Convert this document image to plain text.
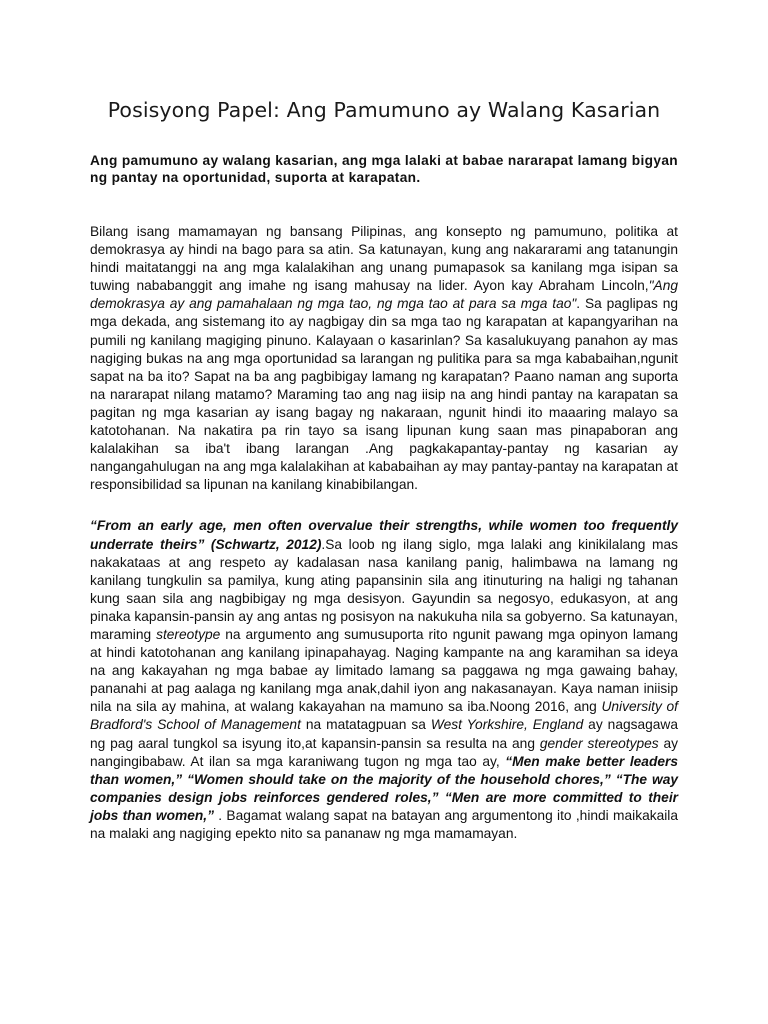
Posisyong Papel: Ang Pamumuno ay Walang Kasarian

Ang pamumuno ay walang kasarian, ang mga lalaki at babae nararapat lamang bigyan ng pantay na oportunidad, suporta at karapatan.

Bilang isang mamamayan ng bansang Pilipinas, ang konsepto ng pamumuno, politika at demokrasya ay hindi na bago para sa atin. Sa katunayan, kung ang nakararami ang tatanungin hindi maitatanggi na ang mga kalalakihan ang unang pumapasok sa kanilang mga isipan sa tuwing nababanggit ang imahe ng isang mahusay na lider. Ayon kay Abraham Lincoln,"Ang demokrasya ay ang pamahalaan ng mga tao, ng mga tao at para sa mga tao". Sa paglipas ng mga dekada, ang sistemang ito ay nagbigay din sa mga tao ng karapatan at kapangyarihan na pumili ng kanilang magiging pinuno. Kalayaan o kasarinlan? Sa kasalukuyang panahon ay mas nagiging bukas na ang mga oportunidad sa larangan ng pulitika para sa mga kababaihan,ngunit sapat na ba ito? Sapat na ba ang pagbibigay lamang ng karapatan? Paano naman ang suporta na nararapat nilang matamo? Maraming tao ang nag iisip na ang hindi pantay na karapatan sa pagitan ng mga kasarian ay isang bagay ng nakaraan, ngunit hindi ito maaaring malayo sa katotohanan. Na nakatira pa rin tayo sa isang lipunan kung saan mas pinapaboran ang kalalakihan sa iba't ibang larangan .Ang pagkakapantay-pantay ng kasarian ay nangangahulugan na ang mga kalalakihan at kababaihan ay may pantay-pantay na karapatan at responsibilidad sa lipunan na kanilang kinabibilangan.

“From an early age, men often overvalue their strengths, while women too frequently underrate theirs” (Schwartz, 2012).Sa loob ng ilang siglo, mga lalaki ang kinikilalang mas nakakataas at ang respeto ay kadalasan nasa kanilang panig, halimbawa na lamang ng kanilang tungkulin sa pamilya, kung ating papansinin sila ang itinuturing na haligi ng tahanan kung saan sila ang nagbibigay ng mga desisyon. Gayundin sa negosyo, edukasyon, at ang pinaka kapansin-pansin ay ang antas ng posisyon na nakukuha nila sa gobyerno. Sa katunayan, maraming stereotype na argumento ang sumusuporta rito ngunit pawang mga opinyon lamang at hindi katotohanan ang kanilang ipinapahayag. Naging kampante na ang karamihan sa ideya na ang kakayahan ng mga babae ay limitado lamang sa paggawa ng mga gawaing bahay, pananahi at pag aalaga ng kanilang mga anak,dahil iyon ang nakasanayan. Kaya naman iniisip nila na sila ay mahina, at walang kakayahan na mamuno sa iba.Noong 2016, ang University of Bradford's School of Management na matatagpuan sa West Yorkshire, England ay nagsagawa ng pag aaral tungkol sa isyung ito,at kapansin-pansin sa resulta na ang gender stereotypes ay nangingibabaw. At ilan sa mga karaniwang tugon ng mga tao ay, “Men make better leaders than women,” “Women should take on the majority of the household chores,” “The way companies design jobs reinforces gendered roles,” “Men are more committed to their jobs than women,” . Bagamat walang sapat na batayan ang argumentong ito ,hindi maikakaila na malaki ang nagiging epekto nito sa pananaw ng mga mamamayan.
